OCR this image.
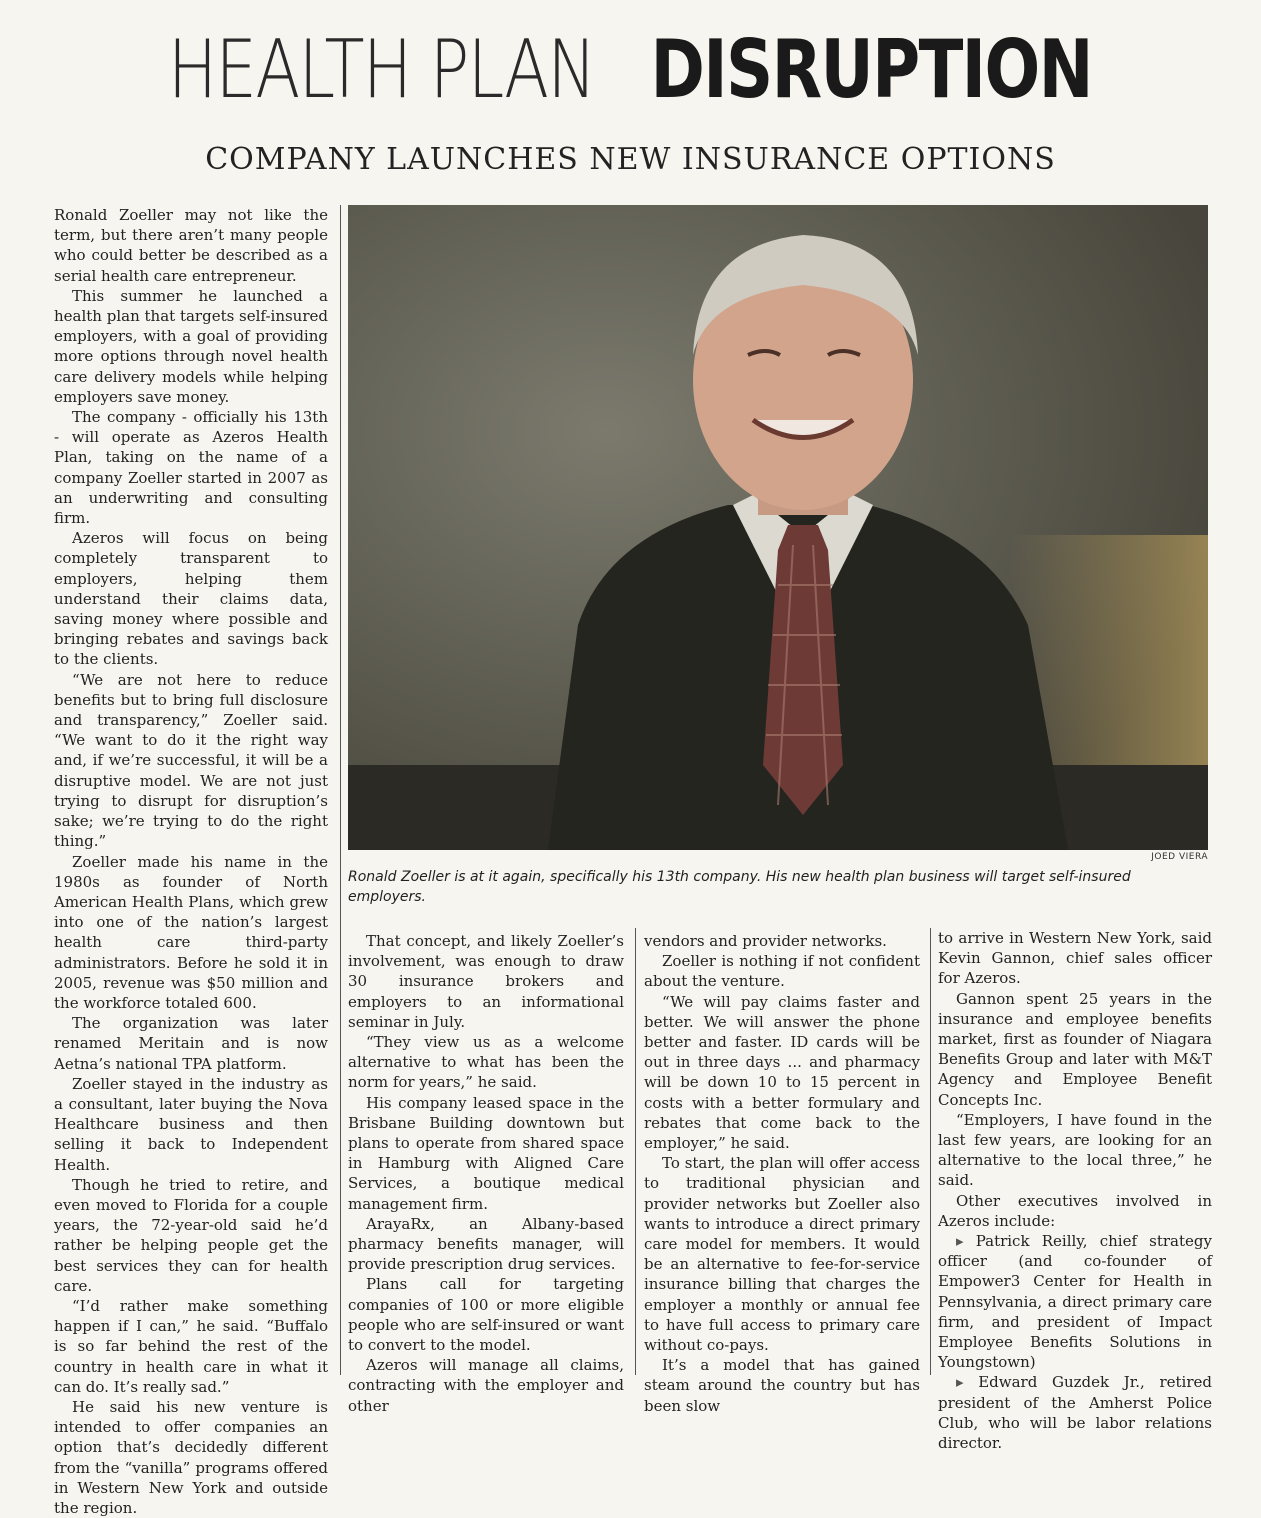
HEALTH PLANDISRUPTION
COMPANY LAUNCHES NEW INSURANCE OPTIONS

Ronald Zoeller may not like the term, but there aren’t many people who could better be described as a serial health care entrepreneur.

This summer he launched a health plan that targets self-insured employers, with a goal of providing more options through novel health care delivery models while helping employers save money.

The company - officially his 13th - will operate as Azeros Health Plan, taking on the name of a company Zoeller started in 2007 as an underwriting and consulting firm.

Azeros will focus on being completely transparent to employers, helping them understand their claims data, saving money where possible and bringing rebates and savings back to the clients.

“We are not here to reduce benefits but to bring full disclosure and transparency,” Zoeller said. “We want to do it the right way and, if we’re successful, it will be a disruptive model. We are not just trying to disrupt for disruption’s sake; we’re trying to do the right thing.”

Zoeller made his name in the 1980s as founder of North American Health Plans, which grew into one of the nation’s largest health care third-party administrators. Before he sold it in 2005, revenue was $50 million and the workforce totaled 600.

The organization was later renamed Meritain and is now Aetna’s national TPA platform.

Zoeller stayed in the industry as a consultant, later buying the Nova Healthcare business and then selling it back to Independent Health.

Though he tried to retire, and even moved to Florida for a couple years, the 72-year-old said he’d rather be helping people get the best services they can for health care.

“I’d rather make something happen if I can,” he said. “Buffalo is so far behind the rest of the country in health care in what it can do. It’s really sad.”

He said his new venture is intended to offer companies an option that’s decidedly different from the “vanilla” programs offered in Western New York and outside the region.

JOED VIERA
Ronald Zoeller is at it again, specifically his 13th company. His new health plan business will target self-insured employers.

That concept, and likely Zoeller’s involvement, was enough to draw 30 insurance brokers and employers to an informational seminar in July.

“They view us as a welcome alternative to what has been the norm for years,” he said.

His company leased space in the Brisbane Building downtown but plans to operate from shared space in Hamburg with Aligned Care Services, a boutique medical management firm.

ArayaRx, an Albany-based pharmacy benefits manager, will provide prescription drug services.

Plans call for targeting companies of 100 or more eligible people who are self-insured or want to convert to the model.

Azeros will manage all claims, contracting with the employer and other

vendors and provider networks.

Zoeller is nothing if not confident about the venture.

“We will pay claims faster and better. We will answer the phone better and faster. ID cards will be out in three days ... and pharmacy will be down 10 to 15 percent in costs with a better formulary and rebates that come back to the employer,” he said.

To start, the plan will offer access to traditional physician and provider networks but Zoeller also wants to introduce a direct primary care model for members. It would be an alternative to fee-for-service insurance billing that charges the employer a monthly or annual fee to have full access to primary care without co-pays.

It’s a model that has gained steam around the country but has been slow

to arrive in Western New York, said Kevin Gannon, chief sales officer for Azeros.

Gannon spent 25 years in the insurance and employee benefits market, first as founder of Niagara Benefits Group and later with M&T Agency and Employee Benefit Concepts Inc.

“Employers, I have found in the last few years, are looking for an alternative to the local three,” he said.

Other executives involved in Azeros include:

▸ Patrick Reilly, chief strategy officer (and co-founder of Empower3 Center for Health in Pennsylvania, a direct primary care firm, and president of Impact Employee Benefits Solutions in Youngstown)

▸ Edward Guzdek Jr., retired president of the Amherst Police Club, who will be labor relations director.
